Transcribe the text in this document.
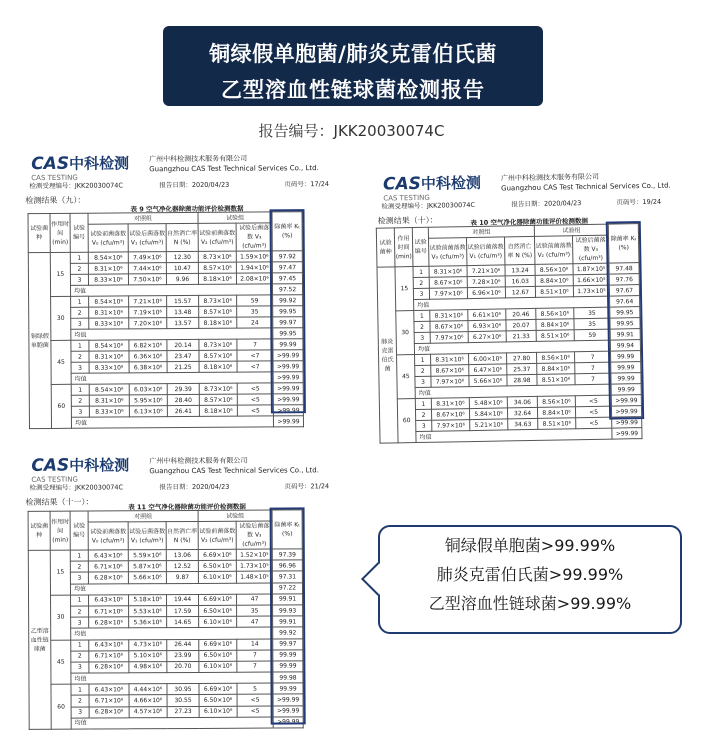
铜绿假单胞菌/肺炎克雷伯氏菌
乙型溶血性链球菌检测报告
报告编号：JKK20030074C
CAS中科检测
CAS TESTING
广州中科检测技术服务有限公司
Guangzhou CAS Test Technical Services Co., Ltd.
检测受理编号：JKK20030074C	报告日期：2020/04/23	页码号：17/24
检测结果（九）：
表 9 空气净化器除菌功能评价检测数据
试验菌种	作用时间(min)	试验编号	对照组			试验组		除菌率 Kₜ (%)
			试验前菌落数 V₀ (cfu/m³)	试验后菌落数 V₁ (cfu/m³)	自然消亡率 N (%)	试验前菌落数 V₂ (cfu/m³)	试验后菌落数 V₃ (cfu/m³)	
铜绿假单胞菌	15	1	8.54×10⁶	7.49×10⁶	12.30	8.73×10⁶	1.59×10⁶	97.92
		2	8.31×10⁶	7.44×10⁶	10.47	8.57×10⁶	1.94×10⁶	97.47
		3	8.33×10⁶	7.50×10⁶	9.96	8.18×10⁶	2.08×10⁶	97.45
		均值						97.52
	30	1	8.54×10⁶	7.21×10⁶	15.57	8.73×10⁶	59	99.92
		2	8.31×10⁶	7.19×10⁶	13.48	8.57×10⁶	35	99.95
		3	8.33×10⁶	7.20×10⁶	13.57	8.18×10⁶	24	99.97
		均值						99.95
	45	1	8.54×10⁶	6.82×10⁶	20.14	8.73×10⁶	7	99.99
		2	8.31×10⁶	6.36×10⁶	23.47	8.57×10⁶	<7	>99.99
		3	8.33×10⁶	6.38×10⁶	21.25	8.18×10⁶	<7	>99.99
		均值						>99.99
	60	1	8.54×10⁶	6.03×10⁶	29.39	8.73×10⁶	<5	>99.99
		2	8.31×10⁶	5.95×10⁶	28.40	8.57×10⁶	<5	>99.99
		3	8.33×10⁶	6.13×10⁶	26.41	8.18×10⁶	<5	>99.99
		均值						>99.99
CAS中科检测
CAS TESTING
广州中科检测技术服务有限公司
Guangzhou CAS Test Technical Services Co., Ltd.
检测受理编号：JKK20030074C	报告日期：2020/04/23	页码号：19/24
检测结果（十）：	表 10 空气净化器除菌功能评价检测数据
试验菌种	作用时间(min)	试验编号	对照组			试验组		除菌率 Kₜ (%)
			试验前菌落数 V₀ (cfu/m³)	试验后菌落数 V₁ (cfu/m³)	自然消亡率 N (%)	试验前菌落数 V₂ (cfu/m³)	试验后菌落数 V₃ (cfu/m³)	
肺炎克雷伯氏菌	15	1	8.31×10⁶	7.21×10⁶	13.24	8.56×10⁶	1.87×10⁵	97.48
		2	8.67×10⁶	7.28×10⁶	16.03	8.84×10⁶	1.66×10⁵	97.76
		3	7.97×10⁶	6.96×10⁶	12.67	8.51×10⁶	1.73×10⁵	97.67
		均值						97.64
	30	1	8.31×10⁶	6.61×10⁶	20.46	8.56×10⁶	35	99.95
		2	8.67×10⁶	6.93×10⁶	20.07	8.84×10⁶	35	99.95
		3	7.97×10⁶	6.27×10⁶	21.33	8.51×10⁶	59	99.91
		均值						99.94
	45	1	8.31×10⁶	6.00×10⁶	27.80	8.56×10⁶	7	99.99
		2	8.67×10⁶	6.47×10⁶	25.37	8.84×10⁶	7	99.99
		3	7.97×10⁶	5.66×10⁶	28.98	8.51×10⁶	7	99.99
		均值						99.99
	60	1	8.31×10⁶	5.48×10⁶	34.06	8.56×10⁶	<5	>99.99
		2	8.67×10⁶	5.84×10⁶	32.64	8.84×10⁶	<5	>99.99
		3	7.97×10⁶	5.21×10⁶	34.63	8.51×10⁶	<5	>99.99
		均值						>99.99
CAS中科检测
CAS TESTING
广州中科检测技术服务有限公司
Guangzhou CAS Test Technical Services Co., Ltd.
检测受理编号：JKK20030074C	报告日期：2020/04/23	页码号：21/24
检测结果（十一）：
表 11 空气净化器除菌功能评价检测数据
试验菌种	作用时间(min)	试验编号	对照组			试验组		除菌率 Kₜ (%)
			试验前菌落数 V₀ (cfu/m³)	试验后菌落数 V₁ (cfu/m³)	自然消亡率 N (%)	试验前菌落数 V₂ (cfu/m³)	试验后菌落数 V₃ (cfu/m³)	
乙型溶血性链球菌	15	1	6.43×10⁶	5.59×10⁶	13.06	6.69×10⁶	1.52×10⁵	97.39
		2	6.71×10⁶	5.87×10⁶	12.52	6.50×10⁶	1.73×10⁵	96.96
		3	6.28×10⁶	5.66×10⁶	9.87	6.10×10⁶	1.48×10⁵	97.31
		均值						97.22
	30	1	6.43×10⁶	5.18×10⁶	19.44	6.69×10⁶	47	99.91
		2	6.71×10⁶	5.53×10⁶	17.59	6.50×10⁶	35	99.93
		3	6.28×10⁶	5.36×10⁶	14.65	6.10×10⁶	47	99.91
		均值						99.92
	45	1	6.43×10⁶	4.73×10⁶	26.44	6.69×10⁶	14	99.97
		2	6.71×10⁶	5.10×10⁶	23.99	6.50×10⁶	7	99.99
		3	6.28×10⁶	4.98×10⁶	20.70	6.10×10⁶	7	99.99
		均值						99.98
	60	1	6.43×10⁶	4.44×10⁶	30.95	6.69×10⁶	5	99.99
		2	6.71×10⁶	4.66×10⁶	30.55	6.50×10⁶	<5	>99.99
		3	6.28×10⁶	4.57×10⁶	27.23	6.10×10⁶	<5	>99.99
		均值						>99.99
铜绿假单胞菌>99.99%
肺炎克雷伯氏菌>99.99%
乙型溶血性链球菌>99.99%
